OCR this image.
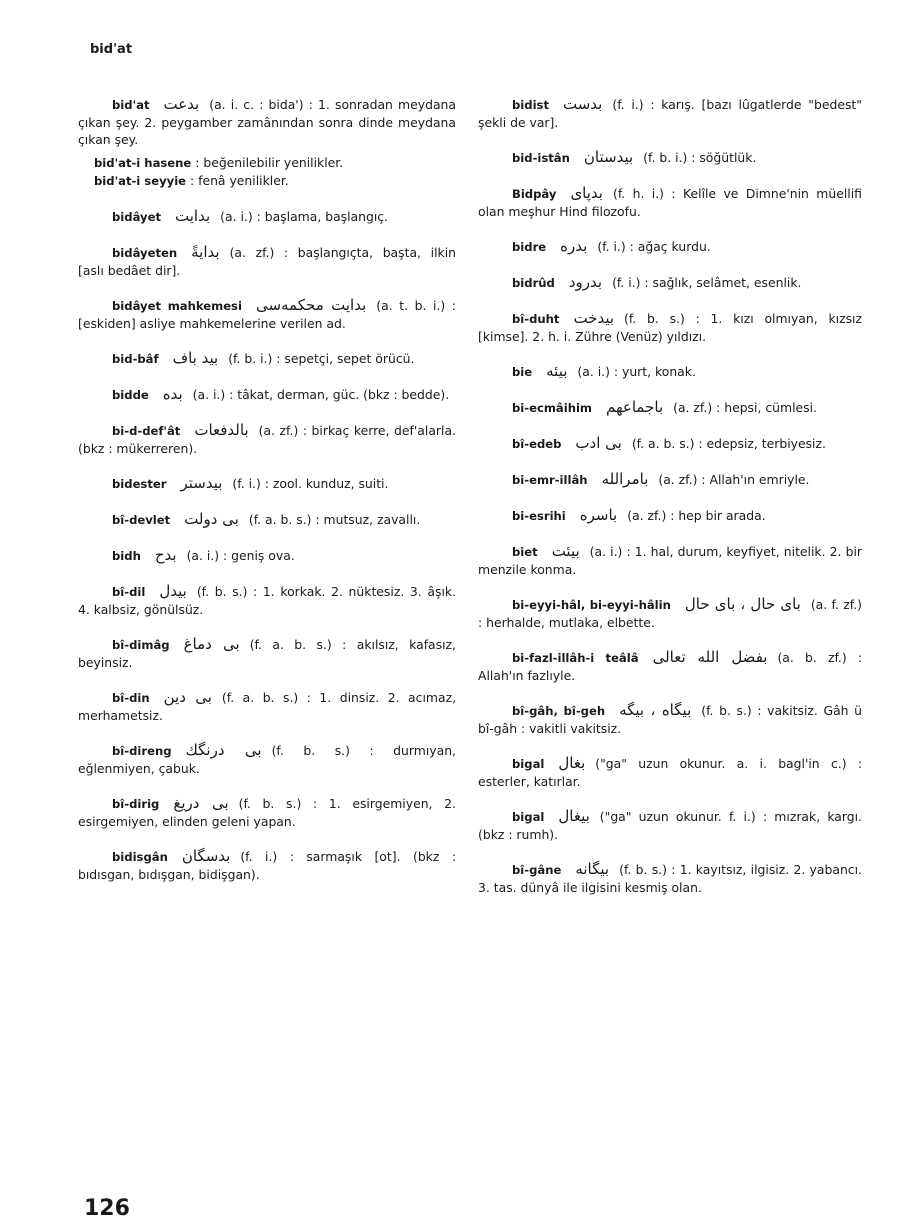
bid'at
bid'at بدعت (a. i. c. : bida') : 1. sonradan meydana çıkan şey. 2. peygamber zamânından sonra dinde meydana çıkan şey.
bid'at-i hasene : beğenilebilir yenilikler.
bid'at-i seyyie : fenâ yenilikler.
bidâyet بدايت (a. i.) : başlama, başlangıç.
bidâyeten بدايةً (a. zf.) : başlangıçta, başta, ilkin [aslı bedâet dir].
bidâyet mahkemesi بدايت محكمه‌سى (a. t. b. i.) : [eskiden] asliye mahkemelerine verilen ad.
bid-bâf بيد باف (f. b. i.) : sepetçi, sepet örücü.
bidde بده (a. i.) : tâkat, derman, güc. (bkz : bedde).
bi-d-def'ât بالدفعات (a. zf.) : birkaç kerre, def'alarla. (bkz : mükerreren).
bidester بيدستر (f. i.) : zool. kunduz, suiti.
bî-devlet بى دولت (f. a. b. s.) : mutsuz, zavallı.
bidh بدح (a. i.) : geniş ova.
bî-dil بيدل (f. b. s.) : 1. korkak. 2. nüktesiz. 3. âşık. 4. kalbsiz, gönülsüz.
bî-dimâg بى دماغ (f. a. b. s.) : akılsız, kafasız, beyinsiz.
bî-din بى دين (f. a. b. s.) : 1. dinsiz. 2. acımaz, merhametsiz.
bî-direng بى درنگك (f. b. s.) : durmıyan, eğlenmiyen, çabuk.
bî-dirig بى دريغ (f. b. s.) : 1. esirgemiyen, 2. esirgemiyen, elinden geleni yapan.
bidisgân بدسگان (f. i.) : sarmaşık [ot]. (bkz : bıdısgan, bıdışgan, bidişgan).
bidist بدست (f. i.) : karış. [bazı lûgatlerde "bedest" şekli de var].
bid-istân بيدستان (f. b. i.) : söğütlük.
Bidpây بدپاى (f. h. i.) : Kelîle ve Dimne'nin müellifi olan meşhur Hind filozofu.
bidre بدره (f. i.) : ağaç kurdu.
bidrûd بدرود (f. i.) : sağlık, selâmet, esenlik.
bî-duht بيدخت (f. b. s.) : 1. kızı olmıyan, kızsız [kimse]. 2. h. i. Zühre (Venüz) yıldızı.
bie بيئه (a. i.) : yurt, konak.
bi-ecmâihim باجماعهم (a. zf.) : hepsi, cümlesi.
bî-edeb بى ادب (f. a. b. s.) : edepsiz, terbiyesiz.
bi-emr-illâh بامرالله (a. zf.) : Allah'ın emriyle.
bi-esrihi باسره (a. zf.) : hep bir arada.
biet بيئت (a. i.) : 1. hal, durum, keyfiyet, nitelik. 2. bir menzile konma.
bi-eyyi-hâl, bi-eyyi-hâlin باى حال ، باى حال (a. f. zf.) : herhalde, mutlaka, elbette.
bi-fazl-illâh-i teâlâ بفضل الله تعالى (a. b. zf.) : Allah'ın fazlıyle.
bî-gâh, bî-geh بيگاه ، بيگه (f. b. s.) : vakitsiz. Gâh ü bî-gâh : vakitli vakitsiz.
bigal بغال ("ga" uzun okunur. a. i. bagl'in c.) : esterler, katırlar.
bigal بيغال ("ga" uzun okunur. f. i.) : mızrak, kargı. (bkz : rumh).
bî-gâne بيگانه (f. b. s.) : 1. kayıtsız, ilgisiz. 2. yabancı. 3. tas. dünyâ ile ilgisini kesmiş olan.
126
